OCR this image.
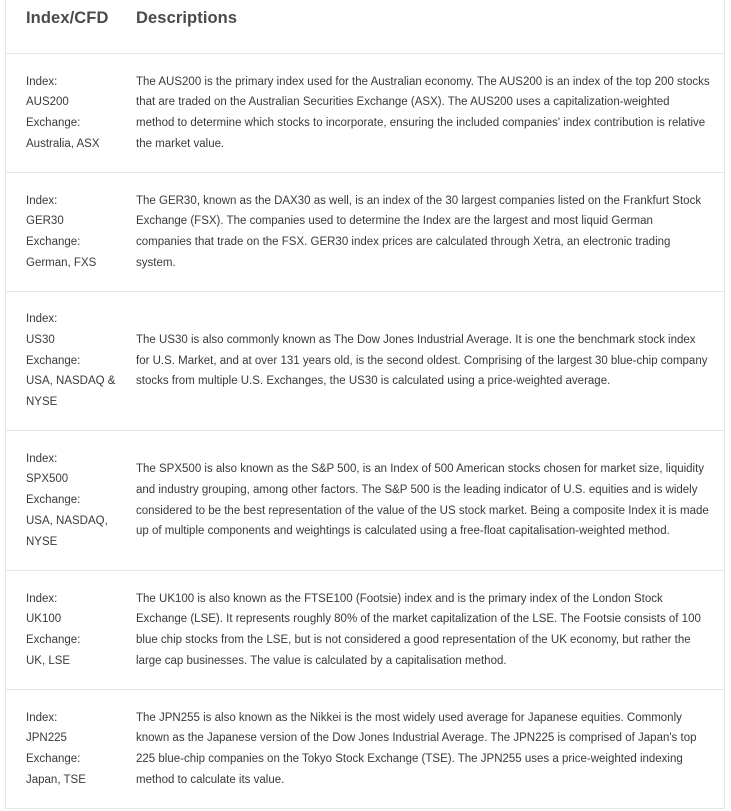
Index/CFD	Descriptions
Index:
AUS200
Exchange:
Australia, ASX
The AUS200 is the primary index used for the Australian economy. The AUS200 is an index of the top 200 stocks that are traded on the Australian Securities Exchange (ASX). The AUS200 uses a capitalization-weighted method to determine which stocks to incorporate, ensuring the included companies' index contribution is relative the market value.
Index:
GER30
Exchange:
German, FXS
The GER30, known as the DAX30 as well, is an index of the 30 largest companies listed on the Frankfurt Stock Exchange (FSX). The companies used to determine the Index are the largest and most liquid German companies that trade on the FSX. GER30 index prices are calculated through Xetra, an electronic trading system.
Index:
US30
Exchange:
USA, NASDAQ & NYSE
The US30 is also commonly known as The Dow Jones Industrial Average. It is one the benchmark stock index for U.S. Market, and at over 131 years old, is the second oldest. Comprising of the largest 30 blue-chip company stocks from multiple U.S. Exchanges, the US30 is calculated using a price-weighted average.
Index:
SPX500
Exchange:
USA, NASDAQ, NYSE
The SPX500 is also known as the S&P 500, is an Index of 500 American stocks chosen for market size, liquidity and industry grouping, among other factors. The S&P 500 is the leading indicator of U.S. equities and is widely considered to be the best representation of the value of the US stock market. Being a composite Index it is made up of multiple components and weightings is calculated using a free-float capitalisation-weighted method.
Index:
UK100
Exchange:
UK, LSE
The UK100 is also known as the FTSE100 (Footsie) index and is the primary index of the London Stock Exchange (LSE). It represents roughly 80% of the market capitalization of the LSE. The Footsie consists of 100 blue chip stocks from the LSE, but is not considered a good representation of the UK economy, but rather the large cap businesses. The value is calculated by a capitalisation method.
Index:
JPN225
Exchange:
Japan, TSE
The JPN255 is also known as the Nikkei is the most widely used average for Japanese equities. Commonly known as the Japanese version of the Dow Jones Industrial Average. The JPN225 is comprised of Japan's top 225 blue-chip companies on the Tokyo Stock Exchange (TSE). The JPN255 uses a price-weighted indexing method to calculate its value.
